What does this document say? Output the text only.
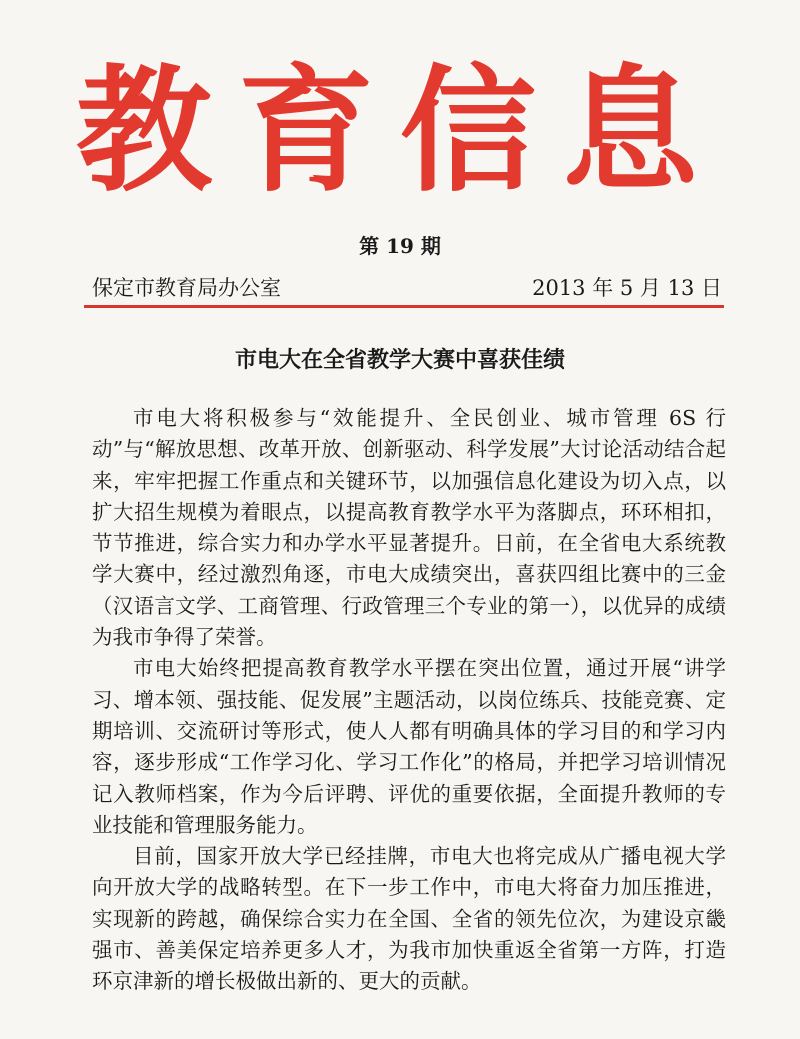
教育信息
第 19 期
保定市教育局办公室	2013 年 5 月 13 日
市电大在全省教学大赛中喜获佳绩

市电大将积极参与“效能提升、全民创业、城市管理 6S 行动”与“解放思想、改革开放、创新驱动、科学发展”大讨论活动结合起来，牢牢把握工作重点和关键环节，以加强信息化建设为切入点，以扩大招生规模为着眼点，以提高教育教学水平为落脚点，环环相扣，节节推进，综合实力和办学水平显著提升。日前，在全省电大系统教学大赛中，经过激烈角逐，市电大成绩突出，喜获四组比赛中的三金（汉语言文学、工商管理、行政管理三个专业的第一），以优异的成绩为我市争得了荣誉。

市电大始终把提高教育教学水平摆在突出位置，通过开展“讲学习、增本领、强技能、促发展”主题活动，以岗位练兵、技能竞赛、定期培训、交流研讨等形式，使人人都有明确具体的学习目的和学习内容，逐步形成“工作学习化、学习工作化”的格局，并把学习培训情况记入教师档案，作为今后评聘、评优的重要依据，全面提升教师的专业技能和管理服务能力。

目前，国家开放大学已经挂牌，市电大也将完成从广播电视大学向开放大学的战略转型。在下一步工作中，市电大将奋力加压推进，实现新的跨越，确保综合实力在全国、全省的领先位次，为建设京畿强市、善美保定培养更多人才，为我市加快重返全省第一方阵，打造环京津新的增长极做出新的、更大的贡献。
